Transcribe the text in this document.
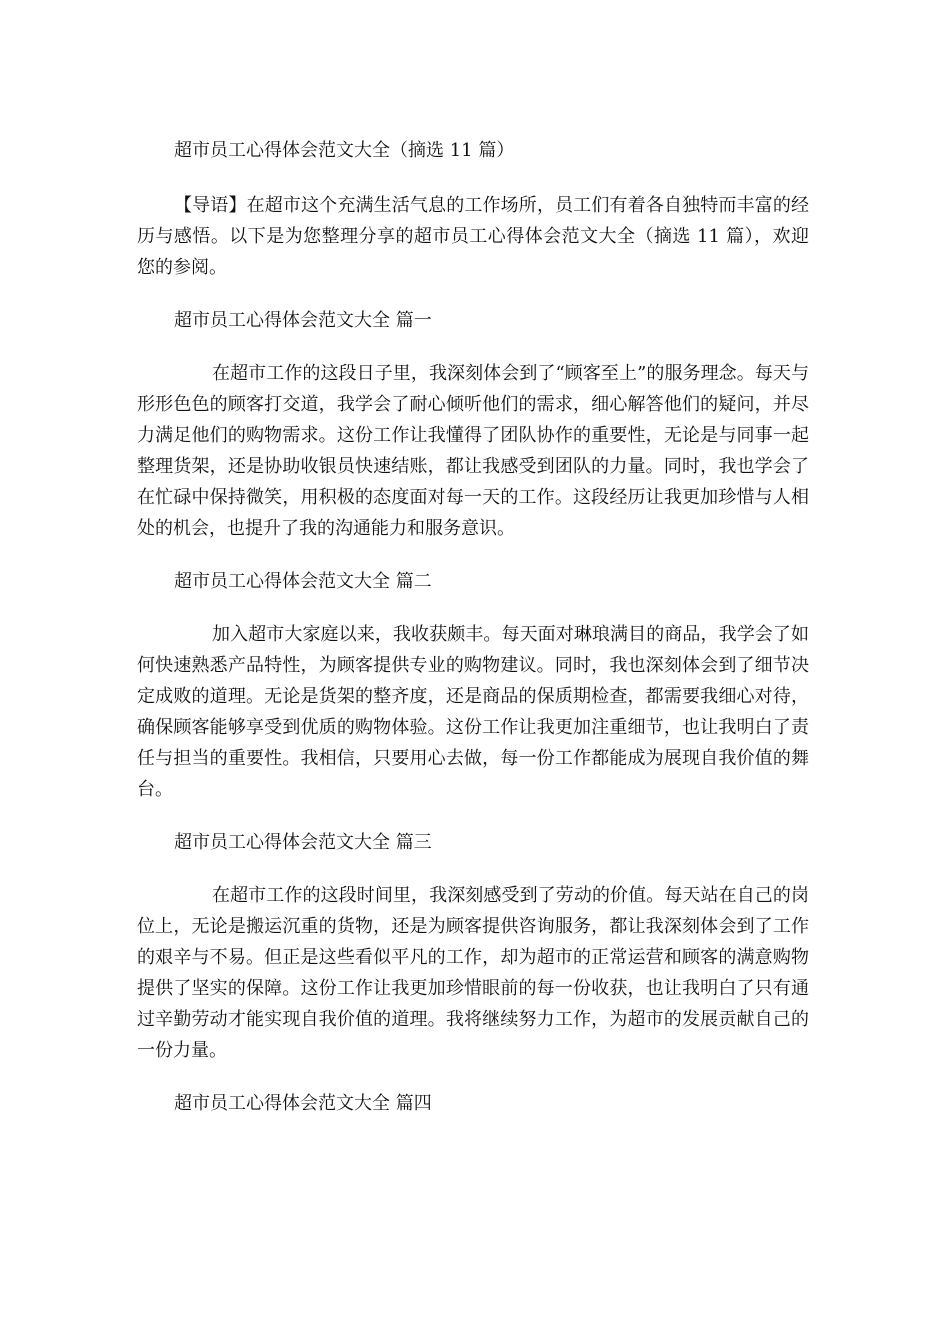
超市员工心得体会范文大全（摘选 11 篇）

【导语】在超市这个充满生活气息的工作场所，员工们有着各自独特而丰富的经历与感悟。以下是为您整理分享的超市员工心得体会范文大全（摘选 11 篇），欢迎您的参阅。

超市员工心得体会范文大全 篇一

在超市工作的这段日子里，我深刻体会到了“顾客至上”的服务理念。每天与形形色色的顾客打交道，我学会了耐心倾听他们的需求，细心解答他们的疑问，并尽力满足他们的购物需求。这份工作让我懂得了团队协作的重要性，无论是与同事一起整理货架，还是协助收银员快速结账，都让我感受到团队的力量。同时，我也学会了在忙碌中保持微笑，用积极的态度面对每一天的工作。这段经历让我更加珍惜与人相处的机会，也提升了我的沟通能力和服务意识。

超市员工心得体会范文大全 篇二

加入超市大家庭以来，我收获颇丰。每天面对琳琅满目的商品，我学会了如何快速熟悉产品特性，为顾客提供专业的购物建议。同时，我也深刻体会到了细节决定成败的道理。无论是货架的整齐度，还是商品的保质期检查，都需要我细心对待，确保顾客能够享受到优质的购物体验。这份工作让我更加注重细节，也让我明白了责任与担当的重要性。我相信，只要用心去做，每一份工作都能成为展现自我价值的舞台。

超市员工心得体会范文大全 篇三

在超市工作的这段时间里，我深刻感受到了劳动的价值。每天站在自己的岗位上，无论是搬运沉重的货物，还是为顾客提供咨询服务，都让我深刻体会到了工作的艰辛与不易。但正是这些看似平凡的工作，却为超市的正常运营和顾客的满意购物提供了坚实的保障。这份工作让我更加珍惜眼前的每一份收获，也让我明白了只有通过辛勤劳动才能实现自我价值的道理。我将继续努力工作，为超市的发展贡献自己的一份力量。

超市员工心得体会范文大全 篇四
